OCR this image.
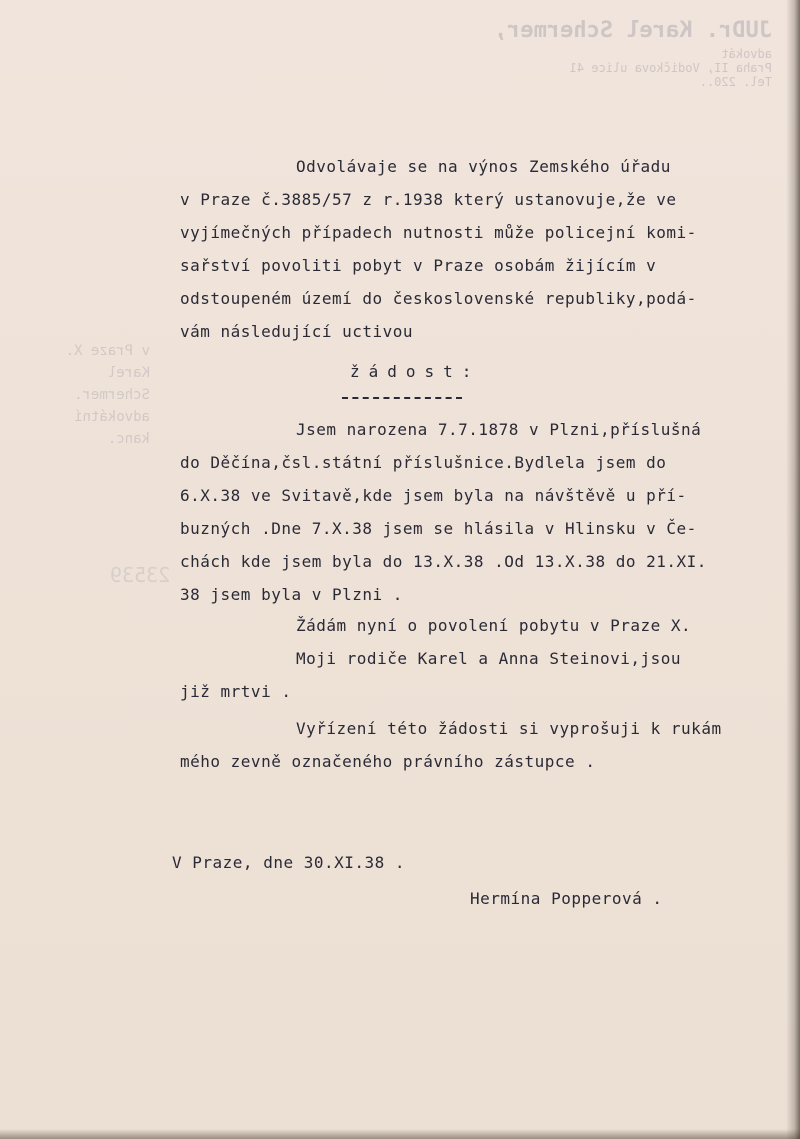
JUDr. Karel Schermer,
advokát
Praha II, Vodičkova ulice 41
Tel. 220..
v Praze X.
Karel Schermer.
advokátní kanc.
23539
Odvolávaje se na výnos Zemského úřadu
v Praze č.3885/57 z r.1938 který ustanovuje,že ve
vyjímečných případech nutnosti může policejní komi-
sařství povoliti pobyt v Praze osobám žijícím v
odstoupeném území do československé republiky,podá-
vám následující uctivou
žádost:
Jsem narozena 7.7.1878 v Plzni,příslušná
do Děčína,čsl.státní příslušnice.Bydlela jsem do
6.X.38 ve Svitavě,kde jsem byla na návštěvě u pří-
buzných .Dne 7.X.38 jsem se hlásila v Hlinsku v Če-
chách kde jsem byla do 13.X.38 .Od 13.X.38 do 21.XI.
38 jsem byla v Plzni .
Žádám nyní o povolení pobytu v Praze X.
Moji rodiče Karel a Anna Steinovi,jsou
již mrtvi .
Vyřízení této žádosti si vyprošuji k rukám
mého zevně označeného právního zástupce .
V Praze, dne 30.XI.38 .
Hermína Popperová .
